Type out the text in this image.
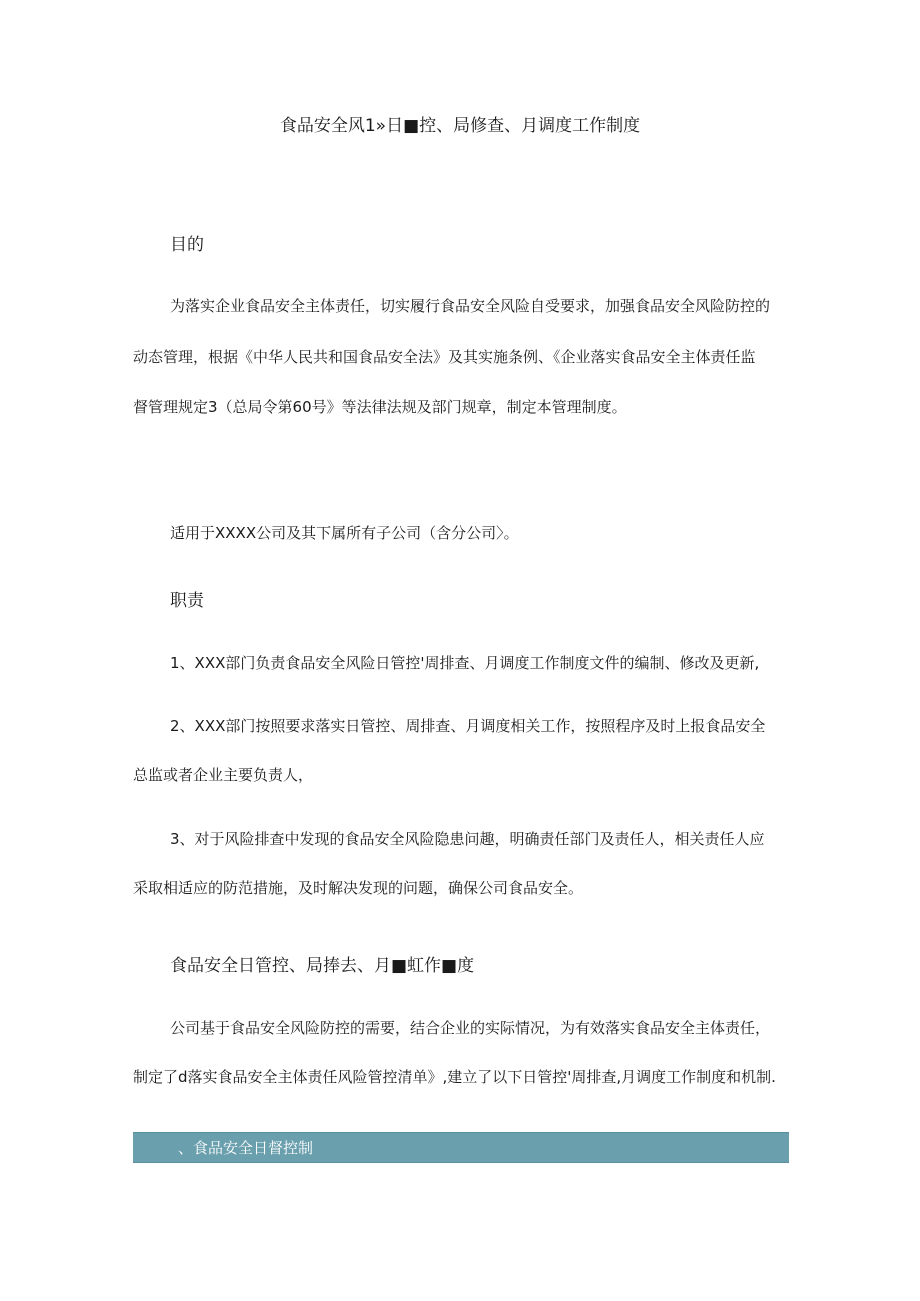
食品安全风1»日■控、局修查、月调度工作制度
目的
为落实企业食品安全主体责任，切实履行食品安全风险自受要求，加强食品安全风险防控的
动态管理，根据《中华人民共和国食品安全法》及其实施条例、《企业落实食品安全主体责任监
督管理规定3（总局令第60号》等法律法规及部门规章，制定本管理制度。
适用于XXXX公司及其下属所有子公司（含分公司〉。
职责
1、XXX部门负责食品安全风险日管控'周排查、月调度工作制度文件的编制、修改及更新,
2、XXX部门按照要求落实日管控、周排查、月调度相关工作，按照程序及时上报食品安全
总监或者企业主要负责人，
3、对于风险排查中发现的食品安全风险隐患问趣，明确责任部门及责任人，相关责任人应
采取相适应的防范措施，及时解决发现的问题，确保公司食品安全。
食品安全日管控、局捧去、月■虹作■度
公司基于食品安全风险防控的需要，结合企业的实际情况，为有效落实食品安全主体责任，
制定了d落实食品安全主体责任风险管控清单》,建立了以下日管控'周排查,月调度工作制度和机制.
、食品安全日督控制
